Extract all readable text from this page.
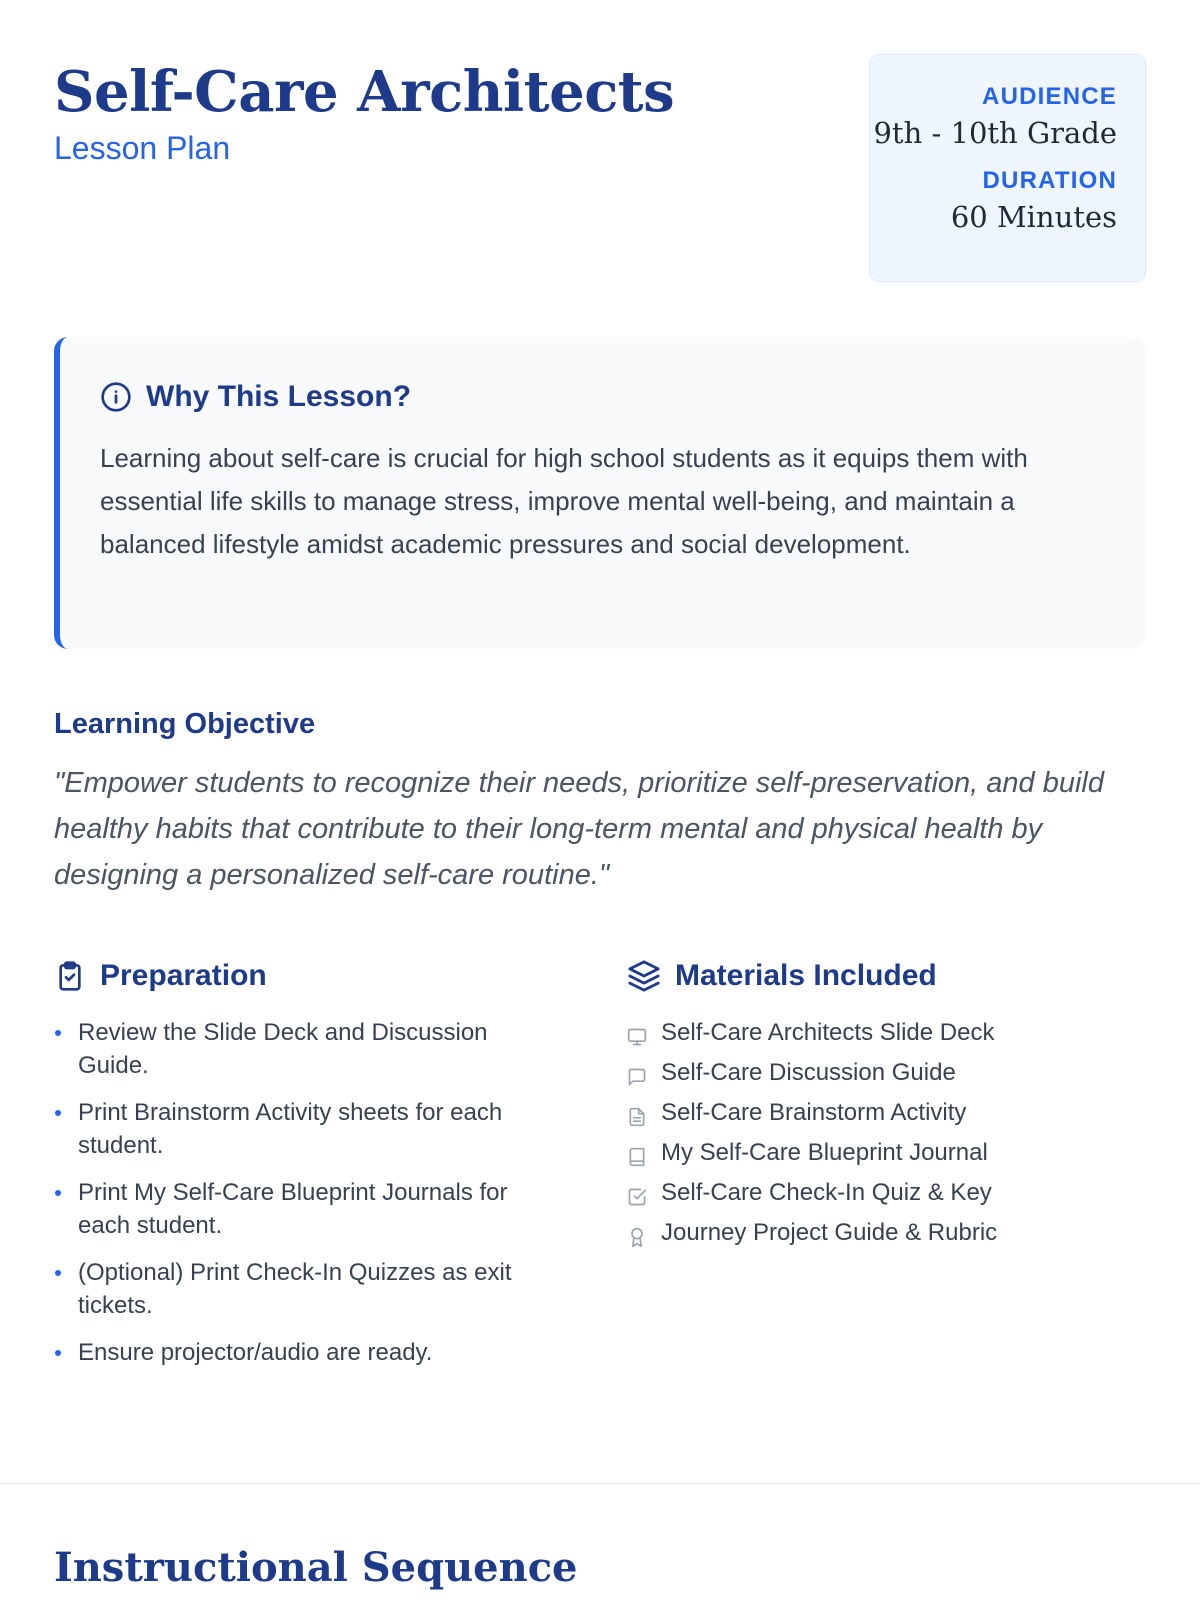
Self-Care Architects
Lesson Plan
AUDIENCE
9th - 10th Grade
DURATION
60 Minutes
Why This Lesson?
Learning about self-care is crucial for high school students as it equips them with essential life skills to manage stress, improve mental well-being, and maintain a balanced lifestyle amidst academic pressures and social development.
Learning Objective
"Empower students to recognize their needs, prioritize self-preservation, and build healthy habits that contribute to their long-term mental and physical health by designing a personalized self-care routine."
Preparation
Review the Slide Deck and Discussion Guide.
Print Brainstorm Activity sheets for each student.
Print My Self-Care Blueprint Journals for each student.
(Optional) Print Check-In Quizzes as exit tickets.
Ensure projector/audio are ready.
Materials Included
Self-Care Architects Slide Deck
Self-Care Discussion Guide
Self-Care Brainstorm Activity
My Self-Care Blueprint Journal
Self-Care Check-In Quiz & Key
Journey Project Guide & Rubric
Instructional Sequence
